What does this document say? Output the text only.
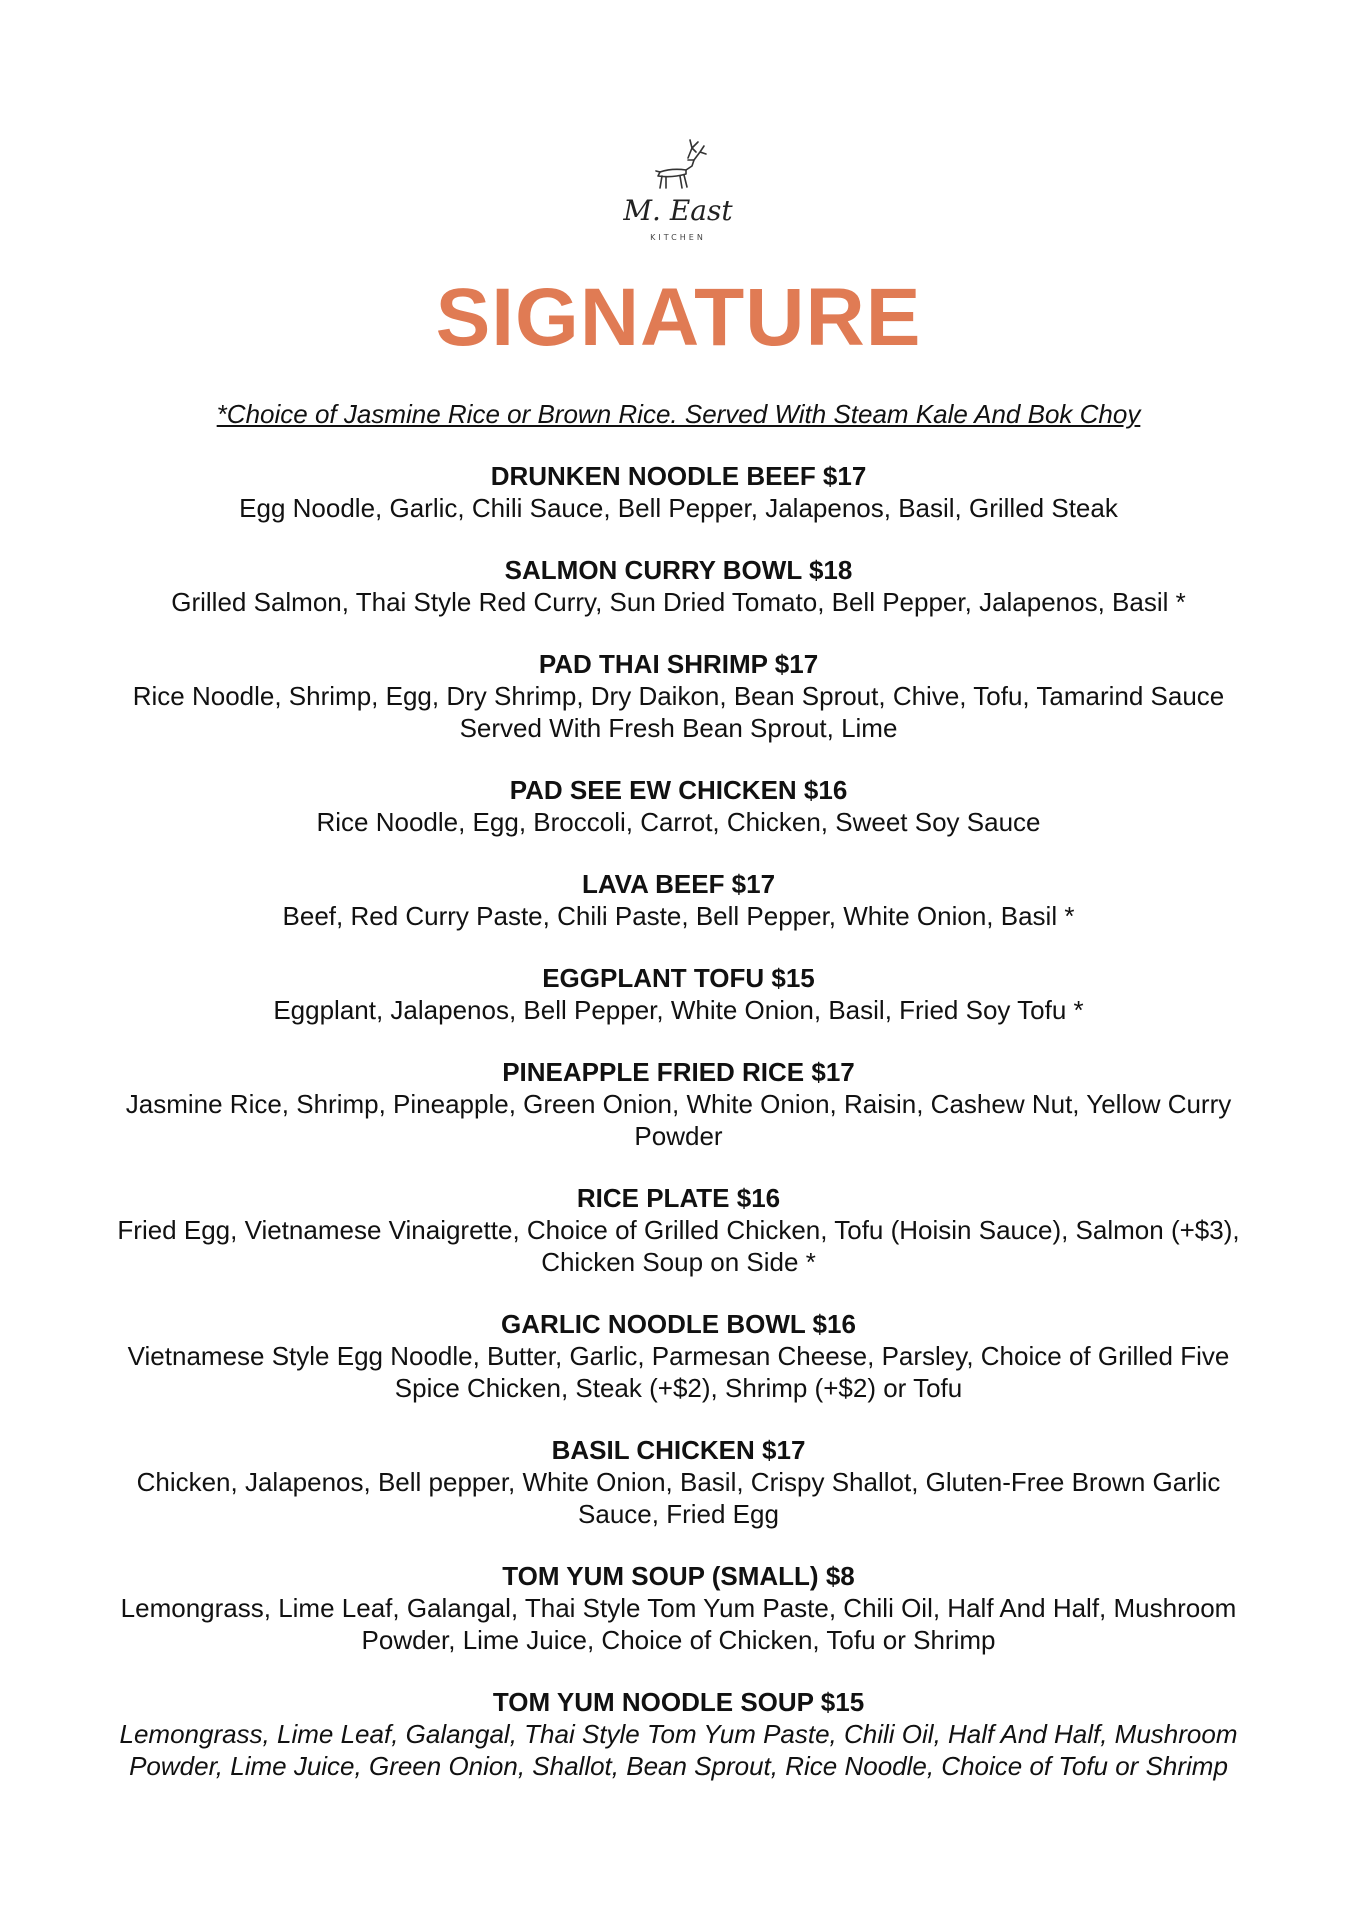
M. East
KITCHEN
SIGNATURE
*Choice of Jasmine Rice or Brown Rice. Served With Steam Kale And Bok Choy
DRUNKEN NOODLE BEEF $17
Egg Noodle, Garlic, Chili Sauce, Bell Pepper, Jalapenos, Basil, Grilled Steak
SALMON CURRY BOWL $18
Grilled Salmon, Thai Style Red Curry, Sun Dried Tomato, Bell Pepper, Jalapenos, Basil *
PAD THAI SHRIMP $17
Rice Noodle, Shrimp, Egg, Dry Shrimp, Dry Daikon, Bean Sprout, Chive, Tofu, Tamarind Sauce
Served With Fresh Bean Sprout, Lime
PAD SEE EW CHICKEN $16
Rice Noodle, Egg, Broccoli, Carrot, Chicken, Sweet Soy Sauce
LAVA BEEF $17
Beef, Red Curry Paste, Chili Paste, Bell Pepper, White Onion, Basil *
EGGPLANT TOFU $15
Eggplant, Jalapenos, Bell Pepper, White Onion, Basil, Fried Soy Tofu *
PINEAPPLE FRIED RICE $17
Jasmine Rice, Shrimp, Pineapple, Green Onion, White Onion, Raisin, Cashew Nut, Yellow Curry
Powder
RICE PLATE $16
Fried Egg, Vietnamese Vinaigrette, Choice of Grilled Chicken, Tofu (Hoisin Sauce), Salmon (+$3),
Chicken Soup on Side *
GARLIC NOODLE BOWL $16
Vietnamese Style Egg Noodle, Butter, Garlic, Parmesan Cheese, Parsley, Choice of Grilled Five
Spice Chicken, Steak (+$2), Shrimp (+$2) or Tofu
BASIL CHICKEN $17
Chicken, Jalapenos, Bell pepper, White Onion, Basil, Crispy Shallot, Gluten-Free Brown Garlic
Sauce, Fried Egg
TOM YUM SOUP (SMALL) $8
Lemongrass, Lime Leaf, Galangal, Thai Style Tom Yum Paste, Chili Oil, Half And Half, Mushroom
Powder, Lime Juice, Choice of Chicken, Tofu or Shrimp
TOM YUM NOODLE SOUP $15
Lemongrass, Lime Leaf, Galangal, Thai Style Tom Yum Paste, Chili Oil, Half And Half, Mushroom
Powder, Lime Juice, Green Onion, Shallot, Bean Sprout, Rice Noodle, Choice of Tofu or Shrimp
